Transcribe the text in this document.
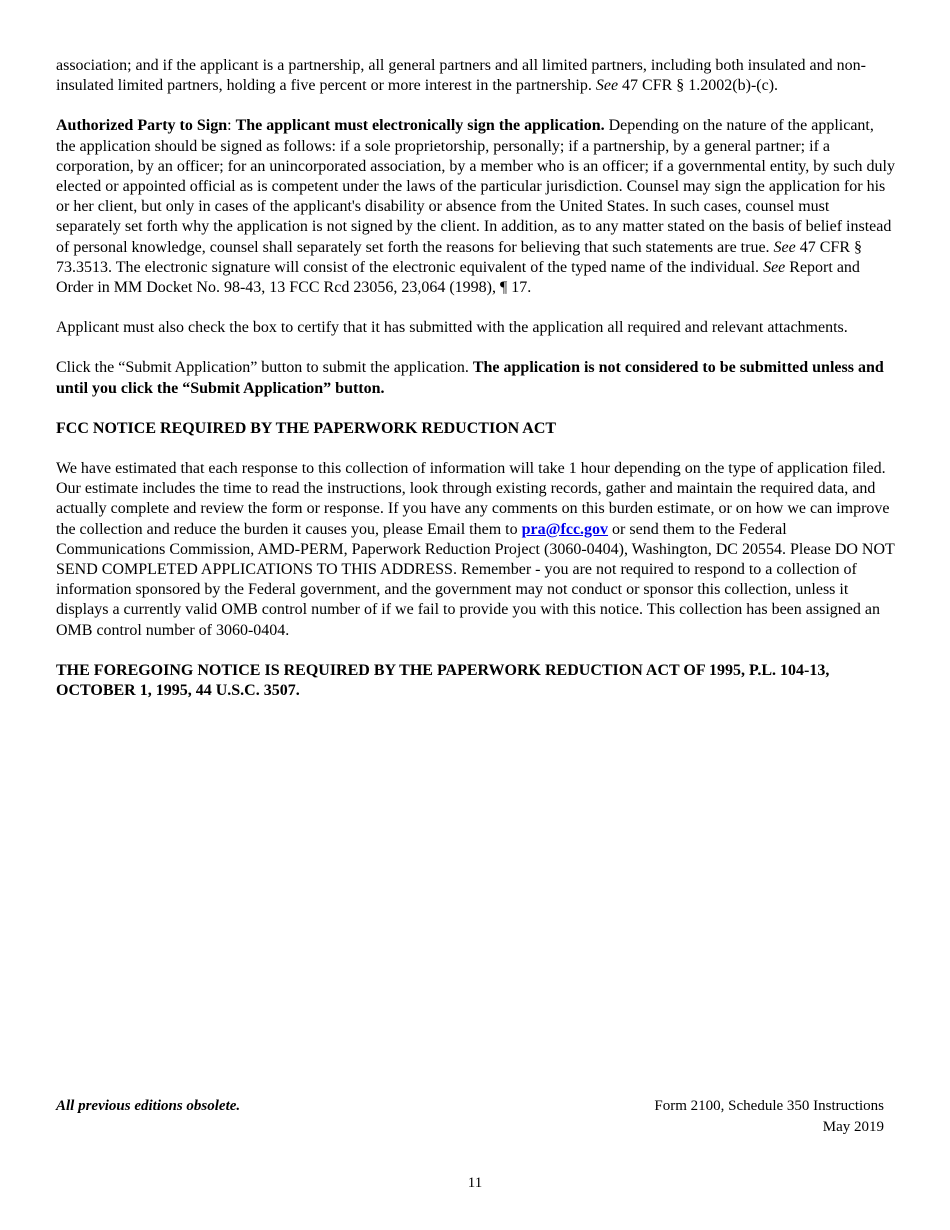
association; and if the applicant is a partnership, all general partners and all limited partners, including both insulated and non-insulated limited partners, holding a five percent or more interest in the partnership. See 47 CFR § 1.2002(b)-(c).

Authorized Party to Sign: The applicant must electronically sign the application. Depending on the nature of the applicant, the application should be signed as follows: if a sole proprietorship, personally; if a partnership, by a general partner; if a corporation, by an officer; for an unincorporated association, by a member who is an officer; if a governmental entity, by such duly elected or appointed official as is competent under the laws of the particular jurisdiction. Counsel may sign the application for his or her client, but only in cases of the applicant's disability or absence from the United States. In such cases, counsel must separately set forth why the application is not signed by the client. In addition, as to any matter stated on the basis of belief instead of personal knowledge, counsel shall separately set forth the reasons for believing that such statements are true. See 47 CFR § 73.3513. The electronic signature will consist of the electronic equivalent of the typed name of the individual. See Report and Order in MM Docket No. 98-43, 13 FCC Rcd 23056, 23,064 (1998), ¶ 17.

Applicant must also check the box to certify that it has submitted with the application all required and relevant attachments.

Click the “Submit Application” button to submit the application. The application is not considered to be submitted unless and until you click the “Submit Application” button.

FCC NOTICE REQUIRED BY THE PAPERWORK REDUCTION ACT

We have estimated that each response to this collection of information will take 1 hour depending on the type of application filed. Our estimate includes the time to read the instructions, look through existing records, gather and maintain the required data, and actually complete and review the form or response. If you have any comments on this burden estimate, or on how we can improve the collection and reduce the burden it causes you, please Email them to pra@fcc.gov or send them to the Federal Communications Commission, AMD-PERM, Paperwork Reduction Project (3060-0404), Washington, DC 20554. Please DO NOT SEND COMPLETED APPLICATIONS TO THIS ADDRESS. Remember - you are not required to respond to a collection of information sponsored by the Federal government, and the government may not conduct or sponsor this collection, unless it displays a currently valid OMB control number of if we fail to provide you with this notice. This collection has been assigned an OMB control number of 3060-0404.

THE FOREGOING NOTICE IS REQUIRED BY THE PAPERWORK REDUCTION ACT OF 1995, P.L. 104-13, OCTOBER 1, 1995, 44 U.S.C. 3507.

All previous editions obsolete.	Form 2100, Schedule 350 Instructions
May 2019
11
